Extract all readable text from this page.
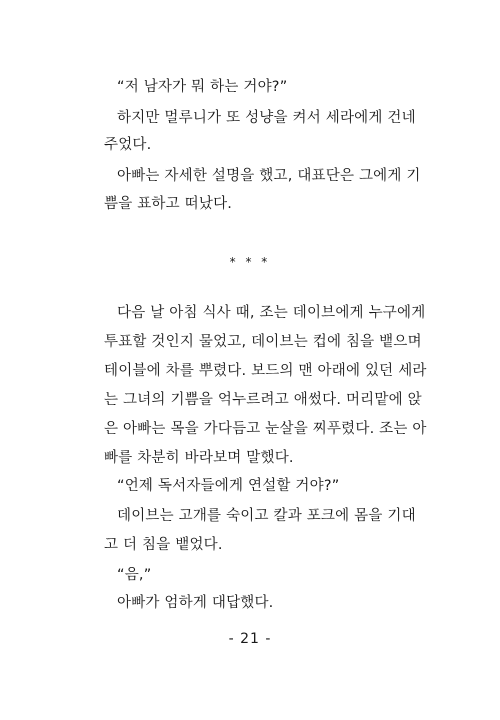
“저 남자가 뭐 하는 거야?”
하지만 멀루니가 또 성냥을 켜서 세라에게 건네
주었다.
아빠는 자세한 설명을 했고, 대표단은 그에게 기
쁨을 표하고 떠났다.
* * *
다음 날 아침 식사 때, 조는 데이브에게 누구에게
투표할 것인지 물었고, 데이브는 컵에 침을 뱉으며
테이블에 차를 뿌렸다. 보드의 맨 아래에 있던 세라
는 그녀의 기쁨을 억누르려고 애썼다. 머리맡에 앉
은 아빠는 목을 가다듬고 눈살을 찌푸렸다. 조는 아
빠를 차분히 바라보며 말했다.
“언제 독서자들에게 연설할 거야?”
데이브는 고개를 숙이고 칼과 포크에 몸을 기대
고 더 침을 뱉었다.
“음,”
아빠가 엄하게 대답했다.
- 21 -
